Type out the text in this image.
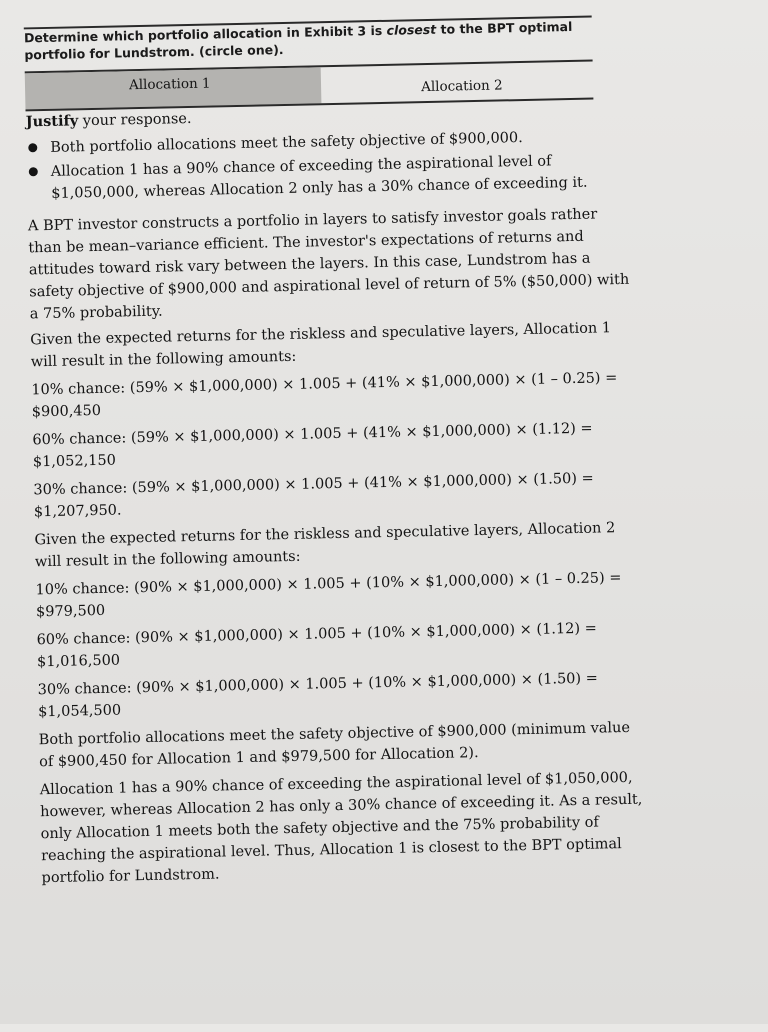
Determine which portfolio allocation in Exhibit 3 is closest to the BPT optimal portfolio for Lundstrom. (circle one).
Allocation 1	Allocation 2

Justify your response.

Both portfolio allocations meet the safety objective of $900,000.
Allocation 1 has a 90% chance of exceeding the aspirational level of $1,050,000, whereas Allocation 2 only has a 30% chance of exceeding it.

A BPT investor constructs a portfolio in layers to satisfy investor goals rather than be mean–variance efficient. The investor's expectations of returns and attitudes toward risk vary between the layers. In this case, Lundstrom has a safety objective of $900,000 and aspirational level of return of 5% ($50,000) with a 75% probability.

Given the expected returns for the riskless and speculative layers, Allocation 1 will result in the following amounts:

10% chance: (59% × $1,000,000) × 1.005 + (41% × $1,000,000) × (1 – 0.25) = $900,450

60% chance: (59% × $1,000,000) × 1.005 + (41% × $1,000,000) × (1.12) = $1,052,150

30% chance: (59% × $1,000,000) × 1.005 + (41% × $1,000,000) × (1.50) = $1,207,950.

Given the expected returns for the riskless and speculative layers, Allocation 2 will result in the following amounts:

10% chance: (90% × $1,000,000) × 1.005 + (10% × $1,000,000) × (1 – 0.25) = $979,500

60% chance: (90% × $1,000,000) × 1.005 + (10% × $1,000,000) × (1.12) = $1,016,500

30% chance: (90% × $1,000,000) × 1.005 + (10% × $1,000,000) × (1.50) = $1,054,500

Both portfolio allocations meet the safety objective of $900,000 (minimum value of $900,450 for Allocation 1 and $979,500 for Allocation 2).

Allocation 1 has a 90% chance of exceeding the aspirational level of $1,050,000, however, whereas Allocation 2 has only a 30% chance of exceeding it. As a result, only Allocation 1 meets both the safety objective and the 75% probability of reaching the aspirational level. Thus, Allocation 1 is closest to the BPT optimal portfolio for Lundstrom.
